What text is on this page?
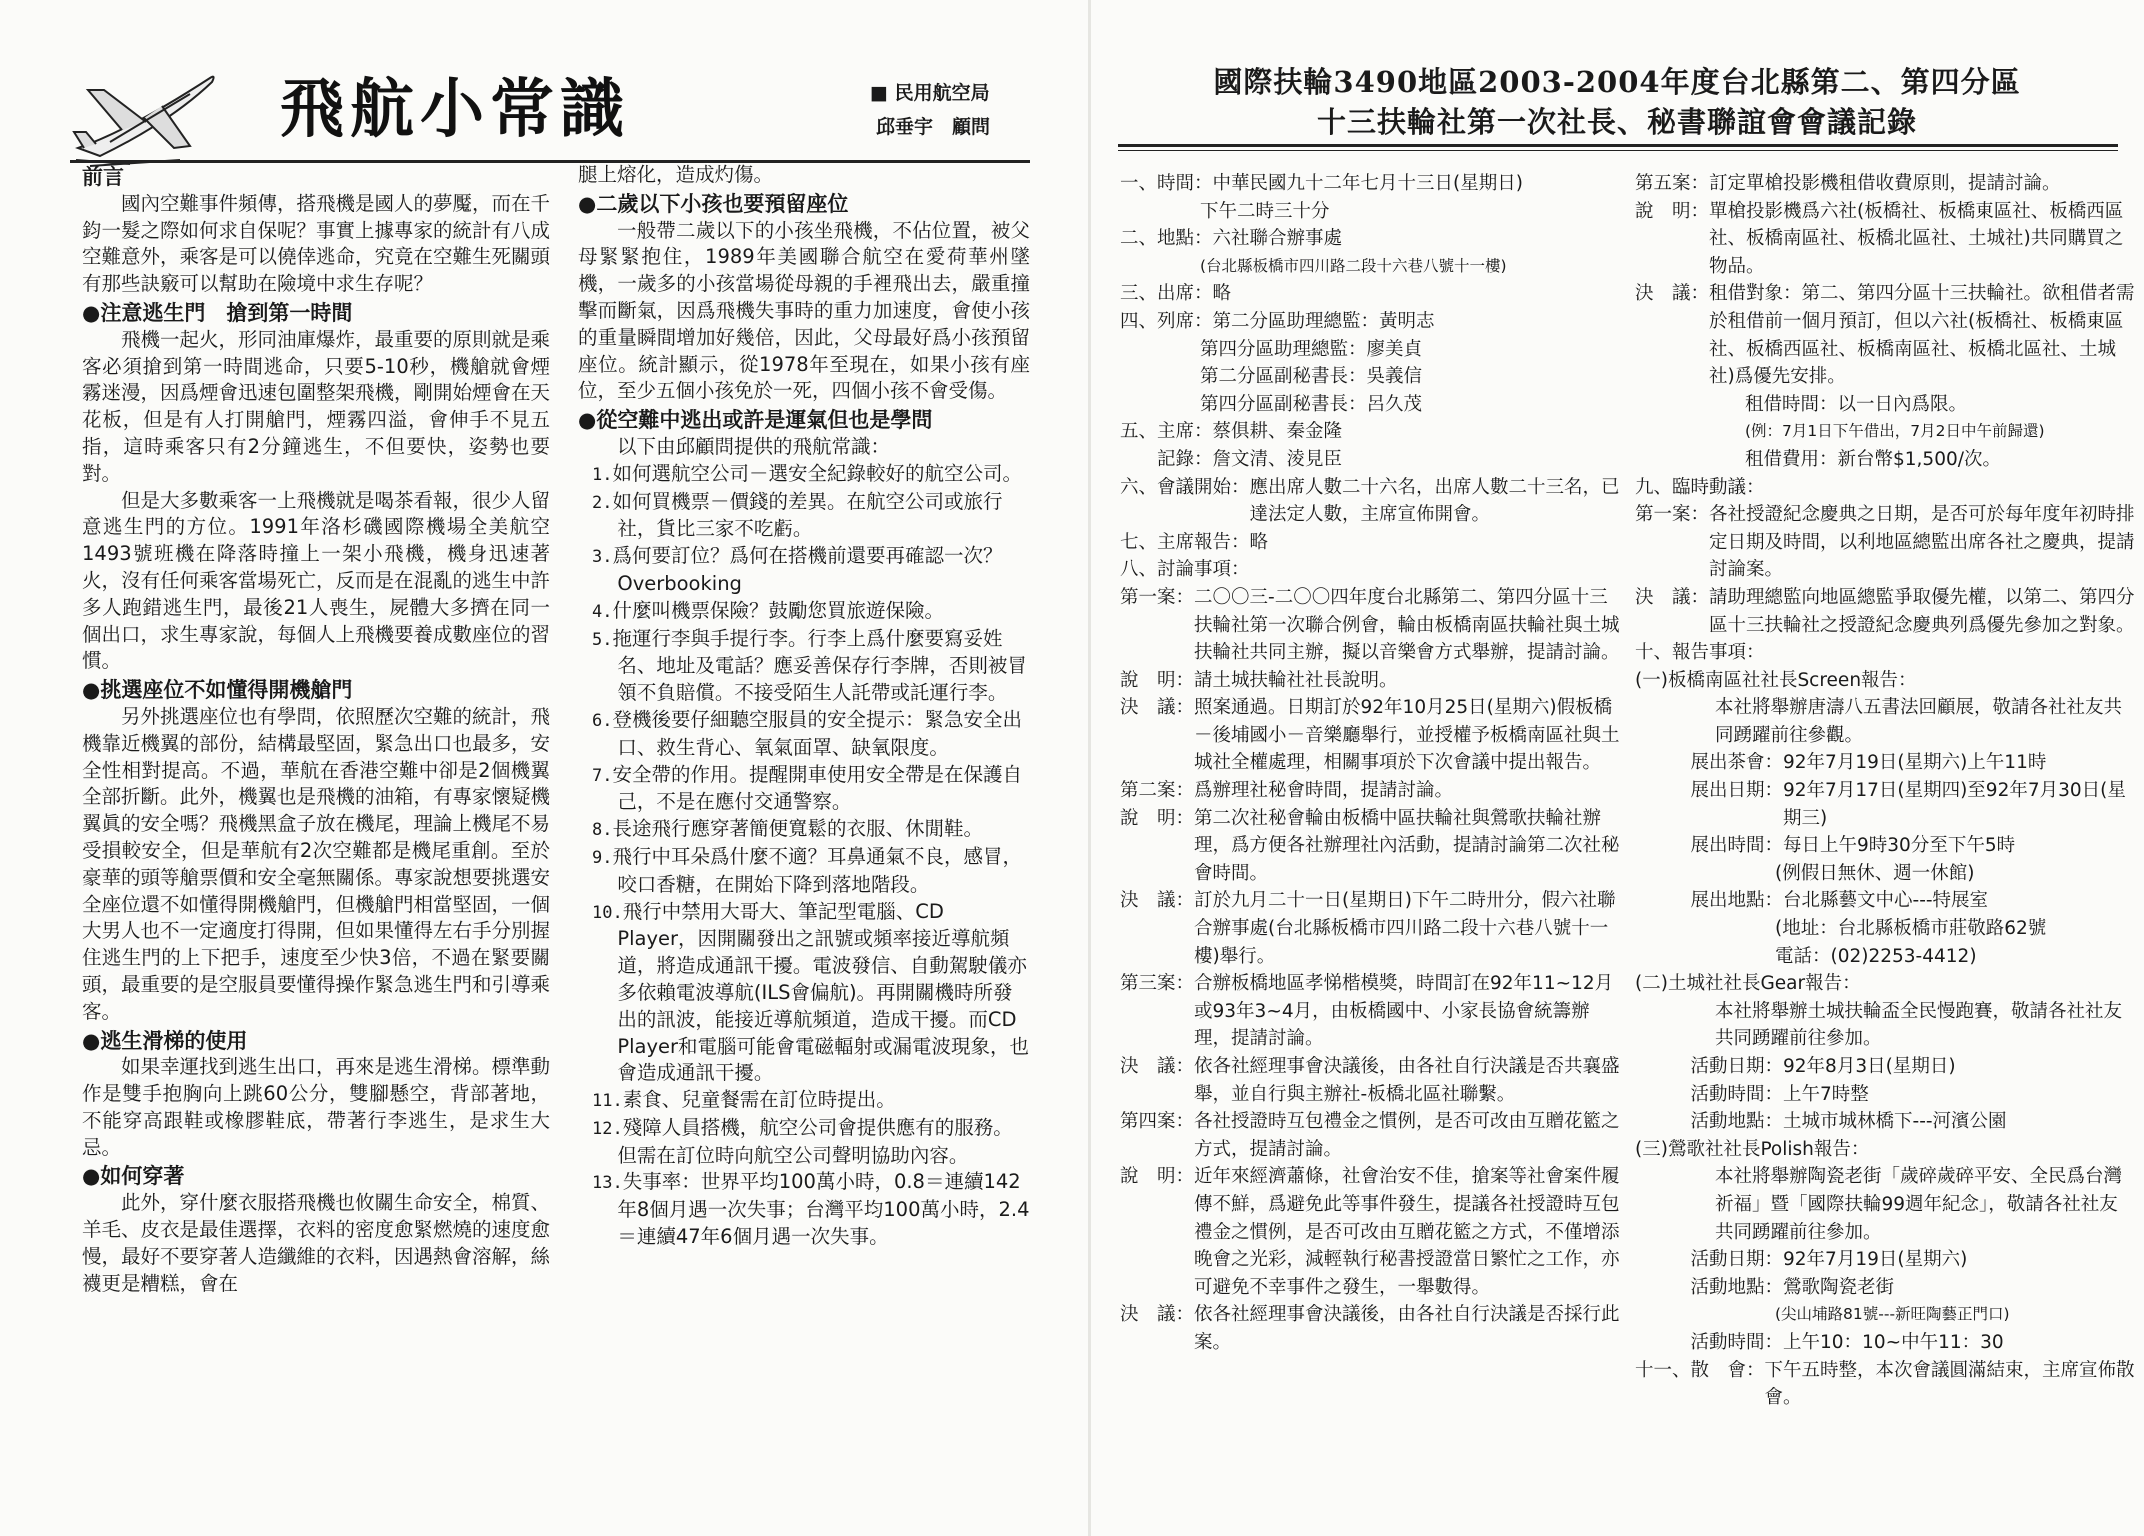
飛航小常識	■ 民用航空局
邱垂宇　顧問
前言

國內空難事件頻傳，搭飛機是國人的夢魘，而在千鈞一髮之際如何求自保呢？事實上據專家的統計有八成空難意外，乘客是可以僥倖逃命，究竟在空難生死關頭有那些訣竅可以幫助在險境中求生存呢？

●注意逃生門　搶到第一時間

飛機一起火，形同油庫爆炸，最重要的原則就是乘客必須搶到第一時間逃命，只要5-10秒，機艙就會煙霧迷漫，因爲煙會迅速包圍整架飛機，剛開始煙會在天花板，但是有人打開艙門，煙霧四溢，會伸手不見五指，這時乘客只有2分鐘逃生，不但要快，姿勢也要對。

但是大多數乘客一上飛機就是喝茶看報，很少人留意逃生門的方位。1991年洛杉磯國際機場全美航空1493號班機在降落時撞上一架小飛機，機身迅速著火，沒有任何乘客當場死亡，反而是在混亂的逃生中許多人跑錯逃生門，最後21人喪生，屍體大多擠在同一個出口，求生專家說，每個人上飛機要養成數座位的習慣。

●挑選座位不如懂得開機艙門

另外挑選座位也有學問，依照歷次空難的統計，飛機靠近機翼的部份，結構最堅固，緊急出口也最多，安全性相對提高。不過，華航在香港空難中卻是2個機翼全部折斷。此外，機翼也是飛機的油箱，有專家懷疑機翼眞的安全嗎？飛機黑盒子放在機尾，理論上機尾不易受損較安全，但是華航有2次空難都是機尾重創。至於豪華的頭等艙票價和安全毫無關係。專家說想要挑選安全座位還不如懂得開機艙門，但機艙門相當堅固，一個大男人也不一定適度打得開，但如果懂得左右手分別握住逃生門的上下把手，速度至少快3倍，不過在緊要關頭，最重要的是空服員要懂得操作緊急逃生門和引導乘客。

●逃生滑梯的使用

如果幸運找到逃生出口，再來是逃生滑梯。標準動作是雙手抱胸向上跳60公分，雙腳懸空，背部著地，不能穿高跟鞋或橡膠鞋底，帶著行李逃生，是求生大忌。

●如何穿著

此外，穿什麼衣服搭飛機也攸關生命安全，棉質、羊毛、皮衣是最佳選擇，衣料的密度愈緊燃燒的速度愈慢，最好不要穿著人造纖維的衣料，因遇熱會溶解，絲襪更是糟糕，會在

腿上熔化，造成灼傷。

●二歲以下小孩也要預留座位

一般帶二歲以下的小孩坐飛機，不佔位置，被父母緊緊抱住，1989年美國聯合航空在愛荷華州墜機，一歲多的小孩當場從母親的手裡飛出去，嚴重撞擊而斷氣，因爲飛機失事時的重力加速度，會使小孩的重量瞬間增加好幾倍，因此，父母最好爲小孩預留座位。統計顯示，從1978年至現在，如果小孩有座位，至少五個小孩免於一死，四個小孩不會受傷。

●從空難中逃出或許是運氣但也是學問

以下由邱顧問提供的飛航常識：

1.如何選航空公司－選安全紀錄較好的航空公司。
2.如何買機票－價錢的差異。在航空公司或旅行社，貨比三家不吃虧。
3.爲何要訂位？爲何在搭機前還要再確認一次？Overbooking
4.什麼叫機票保險？鼓勵您買旅遊保險。
5.拖運行李與手提行李。行李上爲什麼要寫妥姓名、地址及電話？應妥善保存行李牌，否則被冒領不負賠償。不接受陌生人託帶或託運行李。
6.登機後要仔細聽空服員的安全提示：緊急安全出口、救生背心、氧氣面罩、缺氧限度。
7.安全帶的作用。提醒開車使用安全帶是在保護自己，不是在應付交通警察。
8.長途飛行應穿著簡便寬鬆的衣服、休閒鞋。
9.飛行中耳朵爲什麼不適？耳鼻通氣不良，感冒，咬口香糖，在開始下降到落地階段。
10.飛行中禁用大哥大、筆記型電腦、CD Player，因開關發出之訊號或頻率接近導航頻道，將造成通訊干擾。電波發信、自動駕駛儀亦多依賴電波導航(ILS會偏航)。再開關機時所發出的訊波，能接近導航頻道，造成干擾。而CD Player和電腦可能會電磁輻射或漏電波現象，也會造成通訊干擾。
11.素食、兒童餐需在訂位時提出。
12.殘障人員搭機，航空公司會提供應有的服務。但需在訂位時向航空公司聲明協助內容。
13.失事率：世界平均100萬小時，0.8＝連續142年8個月遇一次失事；台灣平均100萬小時，2.4＝連續47年6個月遇一次失事。
國際扶輪3490地區2003-2004年度台北縣第二、第四分區
十三扶輪社第一次社長、秘書聯誼會會議記錄
一、時間： 中華民國九十二年七月十三日(星期日)
下午二時三十分
二、地點： 六社聯合辦事處
(台北縣板橋市四川路二段十六巷八號十一樓)
三、出席： 略
四、列席： 第二分區助理總監：黃明志
第四分區助理總監：廖美貞
第二分區副秘書長：吳義信
第四分區副秘書長：呂久茂
五、主席： 蔡俱耕、秦金隆
　　記錄： 詹文清、淩見臣
六、會議開始： 應出席人數二十六名，出席人數二十三名，已達法定人數，主席宣佈開會。
七、主席報告： 略
八、討論事項：
第一案： 二〇〇三-二〇〇四年度台北縣第二、第四分區十三扶輪社第一次聯合例會，輪由板橋南區扶輪社與土城扶輪社共同主辦，擬以音樂會方式舉辦，提請討論。
說　明： 請土城扶輪社社長說明。
決　議： 照案通過。日期訂於92年10月25日(星期六)假板橋－後埔國小－音樂廳舉行，並授權予板橋南區社與土城社全權處理，相關事項於下次會議中提出報告。
第二案： 爲辦理社秘會時間，提請討論。
說　明： 第二次社秘會輪由板橋中區扶輪社與鶯歌扶輪社辦理，爲方便各社辦理社內活動，提請討論第二次社秘會時間。
決　議： 訂於九月二十一日(星期日)下午二時卅分，假六社聯合辦事處(台北縣板橋市四川路二段十六巷八號十一樓)舉行。
第三案： 合辦板橋地區孝悌楷模獎，時間訂在92年11~12月或93年3~4月，由板橋國中、小家長協會統籌辦理，提請討論。
決　議： 依各社經理事會決議後，由各社自行決議是否共襄盛舉，並自行與主辦社-板橋北區社聯繫。
第四案： 各社授證時互包禮金之慣例，是否可改由互贈花籃之方式，提請討論。
說　明： 近年來經濟蕭條，社會治安不佳，搶案等社會案件履傳不鮮，爲避免此等事件發生，提議各社授證時互包禮金之慣例，是否可改由互贈花籃之方式，不僅增添晚會之光彩，減輕執行秘書授證當日繁忙之工作，亦可避免不幸事件之發生，一舉數得。
決　議： 依各社經理事會決議後，由各社自行決議是否採行此案。
第五案： 訂定單槍投影機租借收費原則，提請討論。
說　明： 單槍投影機爲六社(板橋社、板橋東區社、板橋西區社、板橋南區社、板橋北區社、土城社)共同購買之物品。
決　議： 租借對象：第二、第四分區十三扶輪社。欲租借者需於租借前一個月預訂，但以六社(板橋社、板橋東區社、板橋西區社、板橋南區社、板橋北區社、土城社)爲優先安排。
租借時間：以一日內爲限。
(例：7月1日下午借出，7月2日中午前歸還)
租借費用：新台幣$1,500/次。
九、臨時動議：
第一案： 各社授證紀念慶典之日期，是否可於每年度年初時排定日期及時間，以利地區總監出席各社之慶典，提請討論案。
決　議： 請助理總監向地區總監爭取優先權，以第二、第四分區十三扶輪社之授證紀念慶典列爲優先參加之對象。
十、報告事項：
(一) 板橋南區社社長Screen報告：
本社將舉辦唐濤八五書法回顧展，敬請各社社友共同踴躍前往參觀。
　　　展出茶會： 92年7月19日(星期六)上午11時
　　　展出日期： 92年7月17日(星期四)至92年7月30日(星期三)
　　　展出時間： 每日上午9時30分至下午5時
(例假日無休、週一休館)
　　　展出地點： 台北縣藝文中心---特展室
(地址：台北縣板橋市莊敬路62號
電話：(02)2253-4412)
(二) 土城社社長Gear報告：
本社將舉辦土城扶輪盃全民慢跑賽，敬請各社社友共同踴躍前往參加。
　　　活動日期： 92年8月3日(星期日)
　　　活動時間： 上午7時整
　　　活動地點： 土城市城林橋下---河濱公園
(三) 鶯歌社社長Polish報告：
本社將舉辦陶瓷老街「歲碎歲碎平安、全民爲台灣祈福」暨「國際扶輪99週年紀念」，敬請各社社友共同踴躍前往參加。
　　　活動日期： 92年7月19日(星期六)
　　　活動地點： 鶯歌陶瓷老街
(尖山埔路81號---新旺陶藝正門口)
　　　活動時間： 上午10：10~中午11：30
十一、散　會： 下午五時整，本次會議圓滿結束，主席宣佈散會。
